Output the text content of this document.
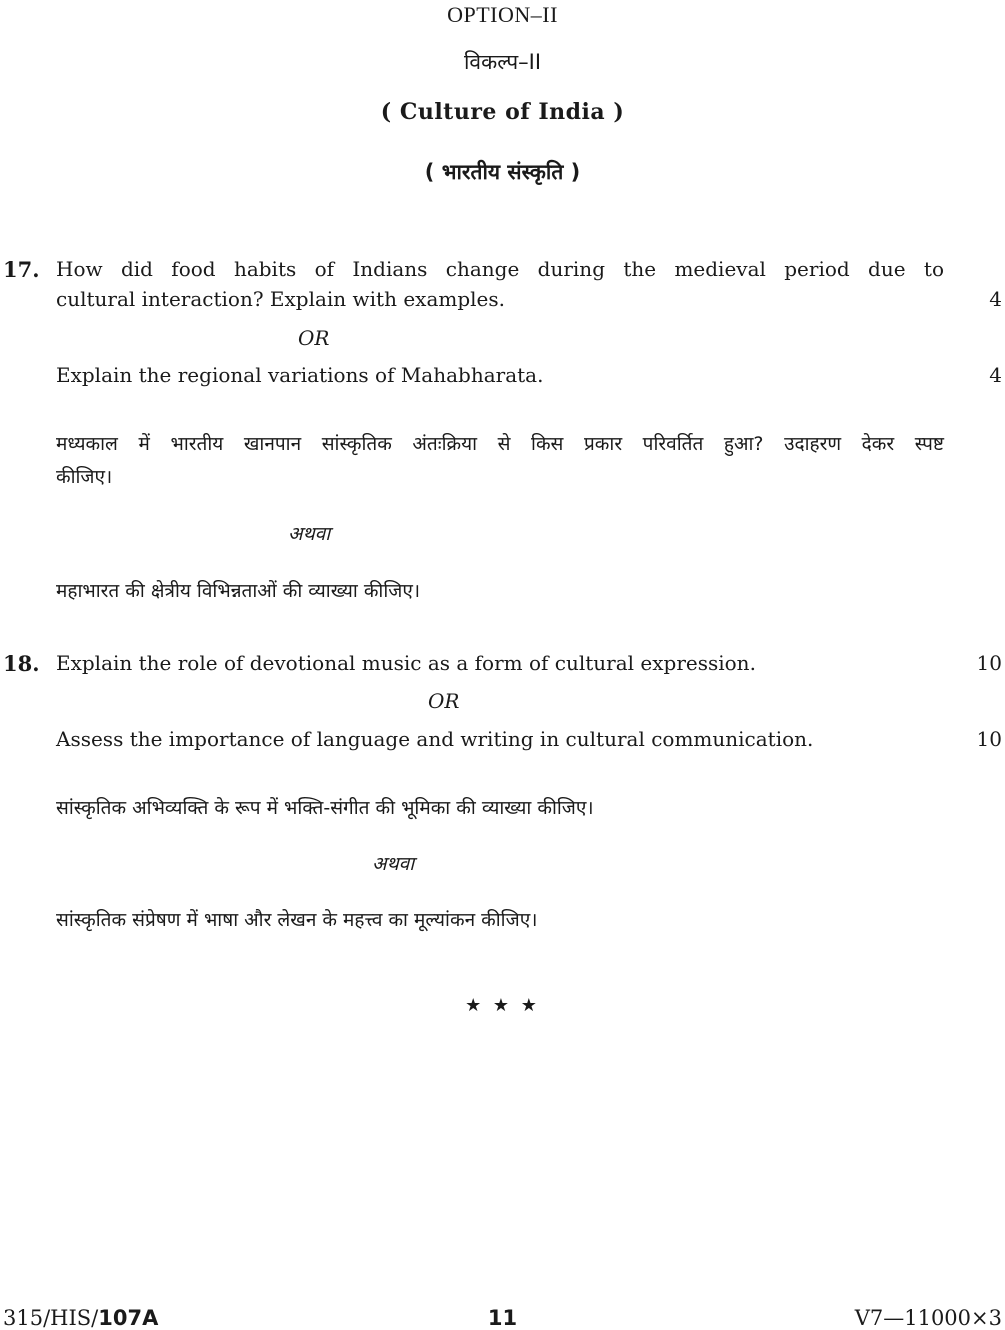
OPTION–II
विकल्प–II
( Culture of India )
( भारतीय संस्कृति )
17. How did food habits of Indians change during the medieval period due to
cultural interaction? Explain with examples.	4
OR
Explain the regional variations of Mahabharata.	4
मध्यकाल में भारतीय खानपान सांस्कृतिक अंतःक्रिया से किस प्रकार परिवर्तित हुआ? उदाहरण देकर स्पष्ट
कीजिए।
अथवा
महाभारत की क्षेत्रीय विभिन्नताओं की व्याख्या कीजिए।
18. Explain the role of devotional music as a form of cultural expression.	10
OR
Assess the importance of language and writing in cultural communication.	10
सांस्कृतिक अभिव्यक्ति के रूप में भक्ति-संगीत की भूमिका की व्याख्या कीजिए।
अथवा
सांस्कृतिक संप्रेषण में भाषा और लेखन के महत्त्व का मूल्यांकन कीजिए।
★ ★ ★
315/HIS/107A	11	V7—11000×3
